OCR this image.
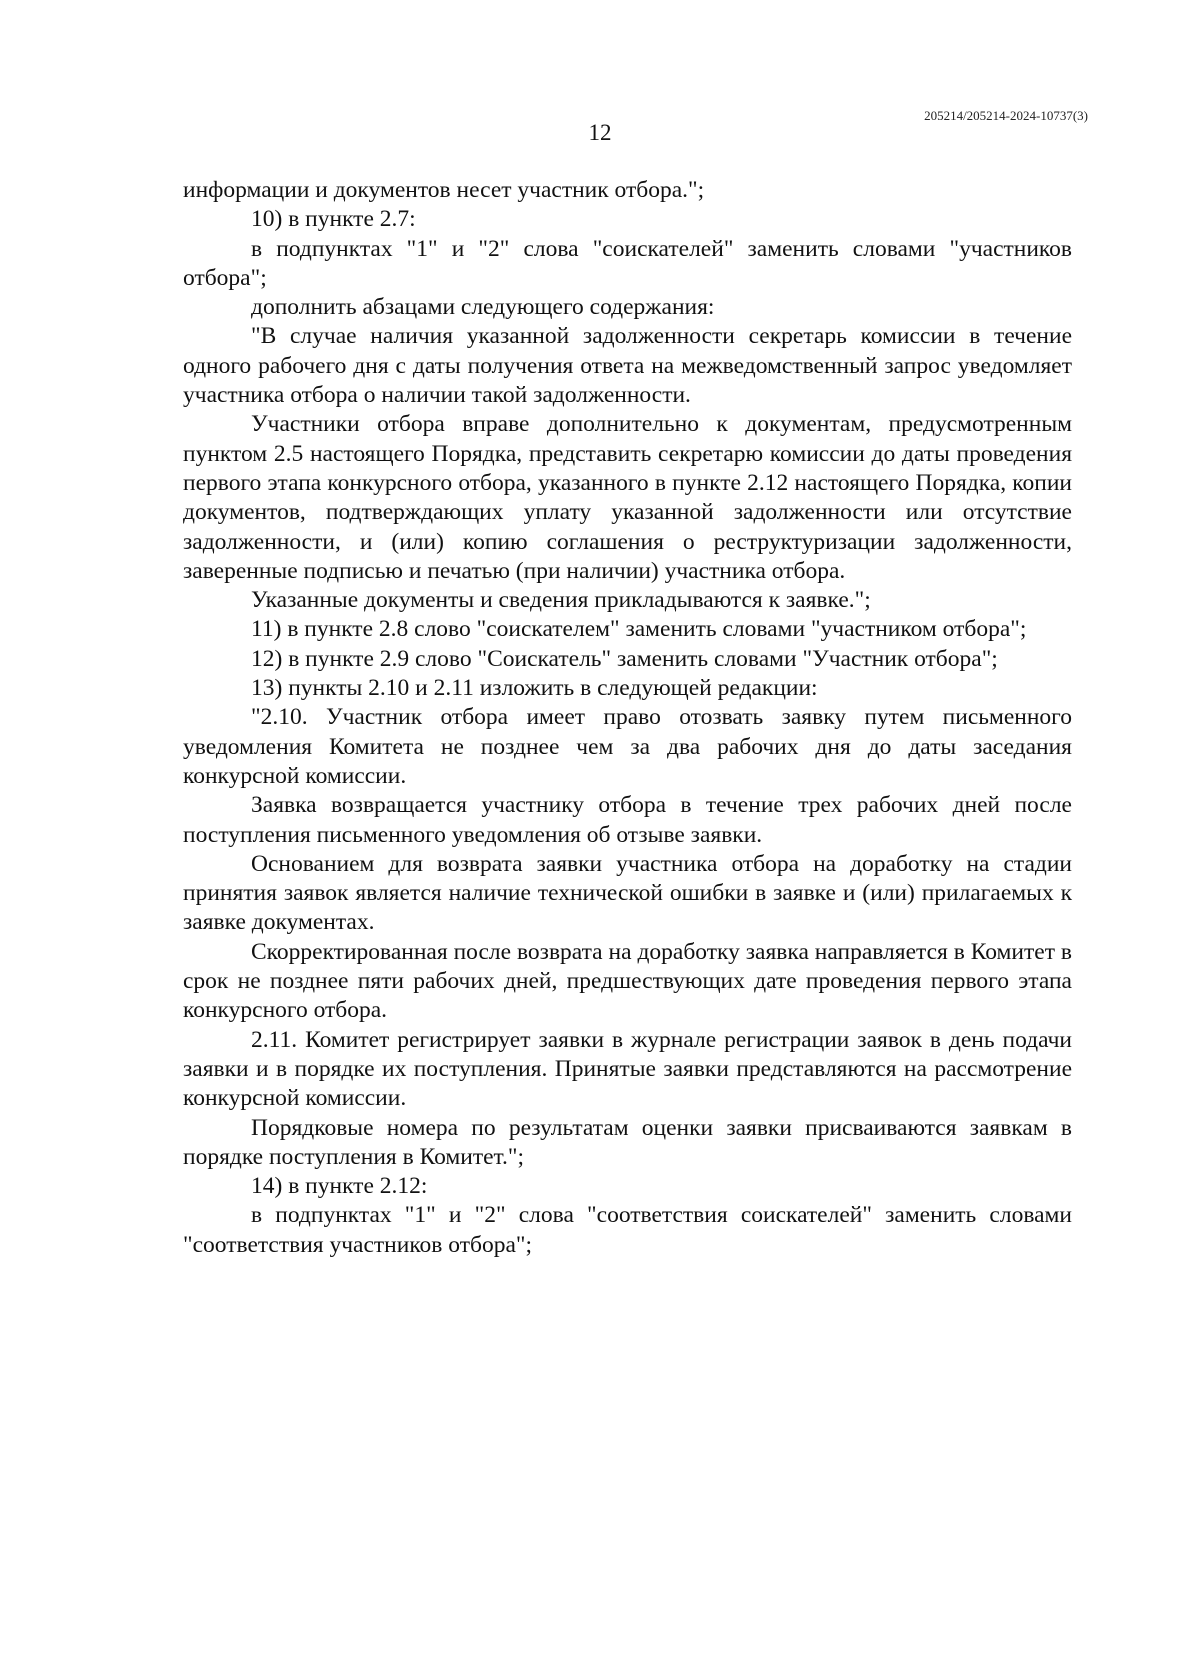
205214/205214-2024-10737(3)
12

информации и документов несет участник отбора.";

10) в пункте 2.7:

в подпунктах "1" и "2" слова "соискателей" заменить словами "участников отбора";

дополнить абзацами следующего содержания:

"В случае наличия указанной задолженности секретарь комиссии в течение одного рабочего дня с даты получения ответа на межведомственный запрос уведомляет участника отбора о наличии такой задолженности.

Участники отбора вправе дополнительно к документам, предусмотренным пунктом 2.5 настоящего Порядка, представить секретарю комиссии до даты проведения первого этапа конкурсного отбора, указанного в пункте 2.12 настоящего Порядка, копии документов, подтверждающих уплату указанной задолженности или отсутствие задолженности, и (или) копию соглашения о реструктуризации задолженности, заверенные подписью и печатью (при наличии) участника отбора.

Указанные документы и сведения прикладываются к заявке.";

11) в пункте 2.8 слово "соискателем" заменить словами "участником отбора";

12) в пункте 2.9 слово "Соискатель" заменить словами "Участник отбора";

13) пункты 2.10 и 2.11 изложить в следующей редакции:

"2.10. Участник отбора имеет право отозвать заявку путем письменного уведомления Комитета не позднее чем за два рабочих дня до даты заседания конкурсной комиссии.

Заявка возвращается участнику отбора в течение трех рабочих дней после поступления письменного уведомления об отзыве заявки.

Основанием для возврата заявки участника отбора на доработку на стадии принятия заявок является наличие технической ошибки в заявке и (или) прилагаемых к заявке документах.

Скорректированная после возврата на доработку заявка направляется в Комитет в срок не позднее пяти рабочих дней, предшествующих дате проведения первого этапа конкурсного отбора.

2.11. Комитет регистрирует заявки в журнале регистрации заявок в день подачи заявки и в порядке их поступления. Принятые заявки представляются на рассмотрение конкурсной комиссии.

Порядковые номера по результатам оценки заявки присваиваются заявкам в порядке поступления в Комитет.";

14) в пункте 2.12:

в подпунктах "1" и "2" слова "соответствия соискателей" заменить словами "соответствия участников отбора";
